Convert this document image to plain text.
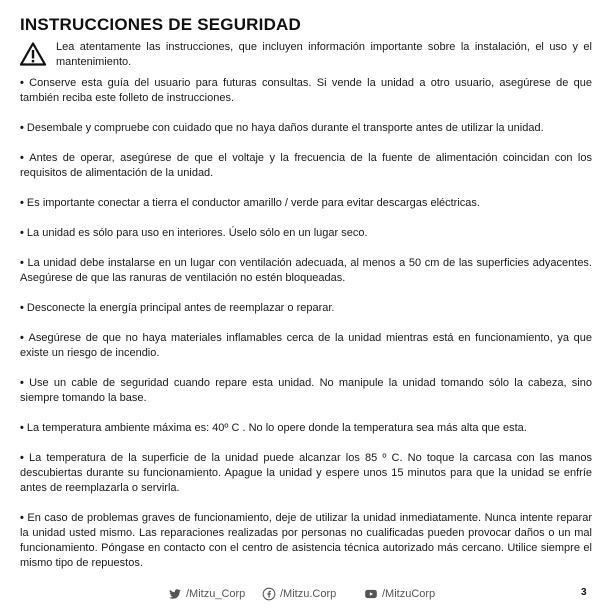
INSTRUCCIONES DE SEGURIDAD
Lea atentamente las instrucciones, que incluyen información importante sobre la instalación, el uso y el mantenimiento.
• Conserve esta guía del usuario para futuras consultas. Si vende la unidad a otro usuario, asegúrese de que también reciba este folleto de instrucciones.
• Desembale y compruebe con cuidado que no haya daños durante el transporte antes de utilizar la unidad.
• Antes de operar, asegúrese de que el voltaje y la frecuencia de la fuente de alimentación coincidan con los requisitos de alimentación de la unidad.
• Es importante conectar a tierra el conductor amarillo / verde para evitar descargas eléctricas.
• La unidad es sólo para uso en interiores. Úselo sólo en un lugar seco.
• La unidad debe instalarse en un lugar con ventilación adecuada, al menos a 50 cm de las superficies adyacentes. Asegúrese de que las ranuras de ventilación no estén bloqueadas.
• Desconecte la energía principal antes de reemplazar o reparar.
• Asegúrese de que no haya materiales inflamables cerca de la unidad mientras está en funcionamiento, ya que existe un riesgo de incendio.
• Use un cable de seguridad cuando repare esta unidad. No manipule la unidad tomando sólo la cabeza, sino siempre tomando la base.
• La temperatura ambiente máxima es: 40º C . No lo opere donde la temperatura sea más alta que esta.
• La temperatura de la superficie de la unidad puede alcanzar los 85 º C. No toque la carcasa con las manos descubiertas durante su funcionamiento. Apague la unidad y espere unos 15 minutos para que la unidad se enfríe antes de reemplazarla o servirla.
• En caso de problemas graves de funcionamiento, deje de utilizar la unidad inmediatamente. Nunca intente reparar la unidad usted mismo. Las reparaciones realizadas por personas no cualificadas pueden provocar daños o un mal funcionamiento. Póngase en contacto con el centro de asistencia técnica autorizado más cercano. Utilice siempre el mismo tipo de repuestos.
/Mitzu_Corp	/Mitzu.Corp	/MitzuCorp	3
